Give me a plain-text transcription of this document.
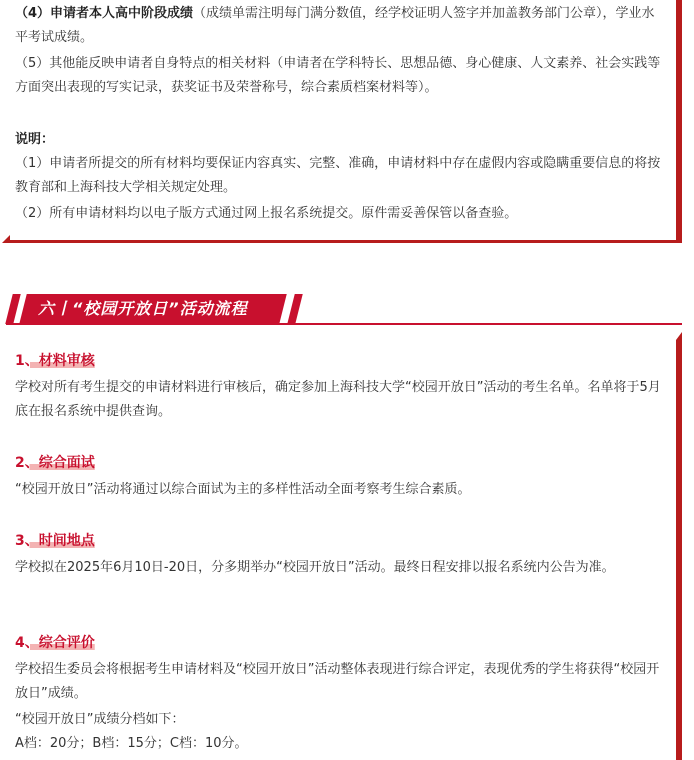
（4）申请者本人高中阶段成绩（成绩单需注明每门满分数值，经学校证明人签字并加盖教务部门公章），学业水平考试成绩。

（5）其他能反映申请者自身特点的相关材料（申请者在学科特长、思想品德、身心健康、人文素养、社会实践等方面突出表现的写实记录，获奖证书及荣誉称号，综合素质档案材料等）。

说明：

（1）申请者所提交的所有材料均要保证内容真实、完整、准确，申请材料中存在虚假内容或隐瞒重要信息的将按教育部和上海科技大学相关规定处理。

（2）所有申请材料均以电子版方式通过网上报名系统提交。原件需妥善保管以备查验。

六丨“校园开放日”活动流程
1、材料审核

学校对所有考生提交的申请材料进行审核后，确定参加上海科技大学“校园开放日”活动的考生名单。名单将于5月底在报名系统中提供查询。

2、综合面试

“校园开放日”活动将通过以综合面试为主的多样性活动全面考察考生综合素质。

3、时间地点

学校拟在2025年6月10日-20日，分多期举办“校园开放日”活动。最终日程安排以报名系统内公告为准。

4、综合评价

学校招生委员会将根据考生申请材料及“校园开放日”活动整体表现进行综合评定，表现优秀的学生将获得“校园开放日”成绩。

“校园开放日”成绩分档如下：

A档：20分；B档：15分；C档：10分。
